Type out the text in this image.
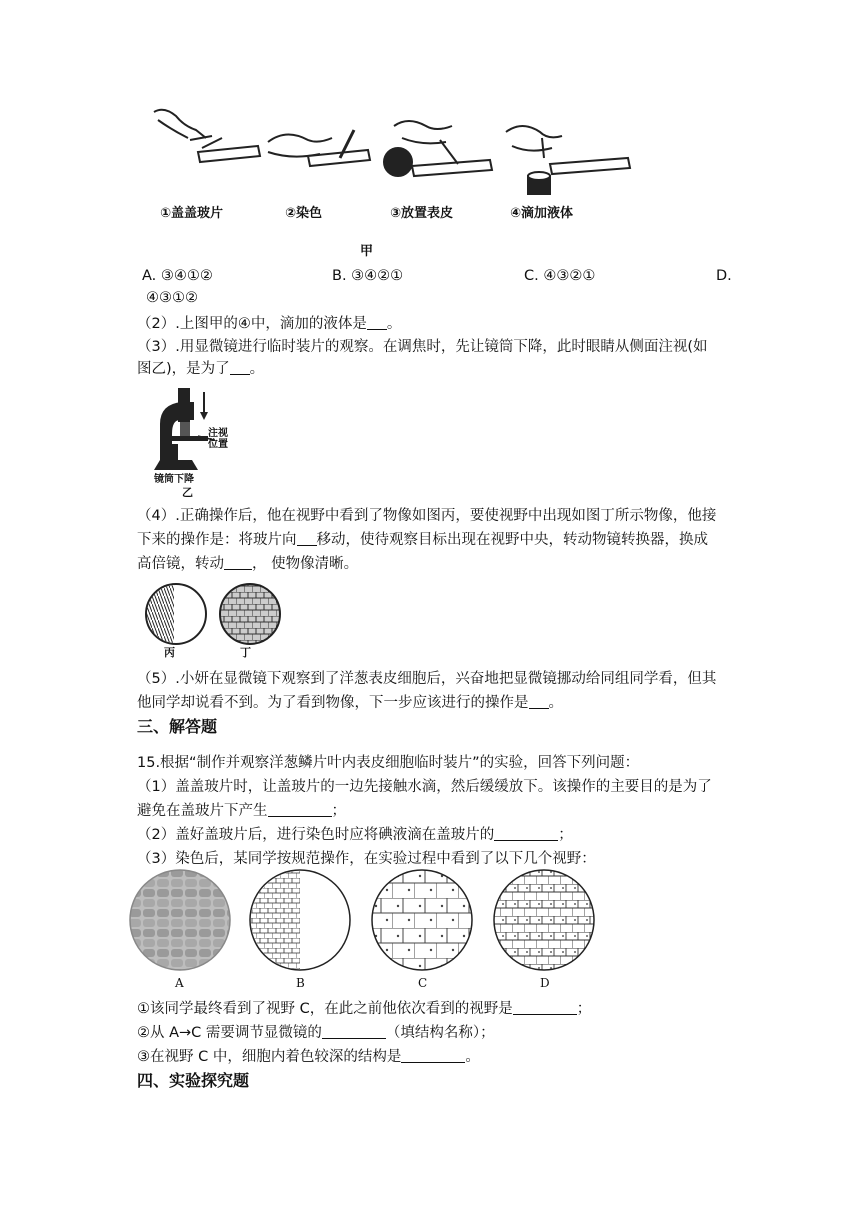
①盖盖玻片	②染色	③放置表皮	④滴加液体
甲
A. ③④①②	B. ③④②①	C. ④③②①	D.
④③①②
（2）.上图甲的④中，滴加的液体是 。
（3）.用显微镜进行临时装片的观察。在调焦时，先让镜筒下降，此时眼睛从侧面注视(如
图乙)，是为了 。
注视位置
镜筒下降
乙
（4）.正确操作后，他在视野中看到了物像如图丙，要使视野中出现如图丁所示物像，他接
下来的操作是：将玻片向 移动，使待观察目标出现在视野中央，转动物镜转换器，换成
高倍镜，转动 ， 使物像清晰。
丙	丁
（5）.小妍在显微镜下观察到了洋葱表皮细胞后，兴奋地把显微镜挪动给同组同学看，但其
他同学却说看不到。为了看到物像，下一步应该进行的操作是 。
三、解答题
15.根据“制作并观察洋葱鳞片叶内表皮细胞临时装片”的实验，回答下列问题：
（1）盖盖玻片时，让盖玻片的一边先接触水滴，然后缓缓放下。该操作的主要目的是为了
避免在盖玻片下产生	；
（2）盖好盖玻片后，进行染色时应将碘液滴在盖玻片的	；
（3）染色后，某同学按规范操作，在实验过程中看到了以下几个视野：
A	B	C	D
①该同学最终看到了视野 C，在此之前他依次看到的视野是	；
②从 A→C 需要调节显微镜的	（填结构名称）；
③在视野 C 中，细胞内着色较深的结构是	。
四、实验探究题
